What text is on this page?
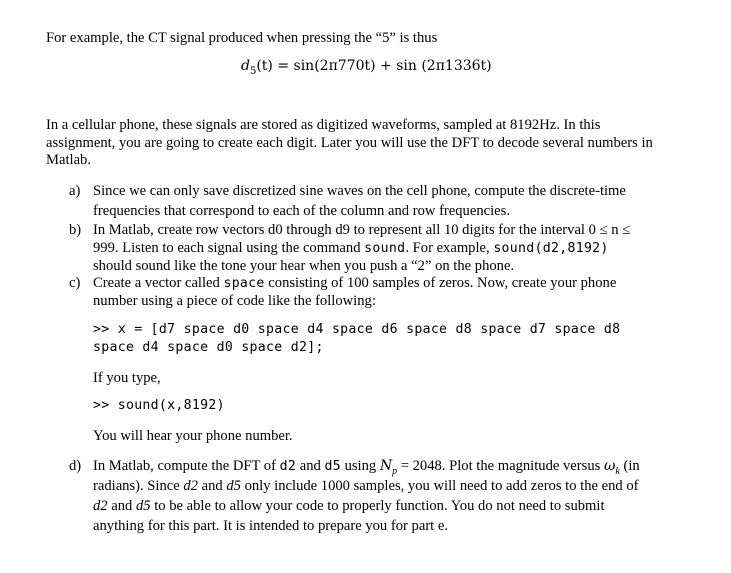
For example, the CT signal produced when pressing the “5” is thus
$d_5(t) = \sin(2\pi 770t) + \sin (2\pi 1336t)$
In a cellular phone, these signals are stored as digitized waveforms, sampled at 8192Hz. In this
assignment, you are going to create each digit. Later you will use the DFT to decode several numbers in
Matlab.
a) Since we can only save discretized sine waves on the cell phone, compute the discrete-time
frequencies that correspond to each of the column and row frequencies.
b) In Matlab, create row vectors d0 through d9 to represent all 10 digits for the interval 0 ≤ n ≤
999. Listen to each signal using the command sound. For example, sound(d2,8192)
should sound like the tone your hear when you push a “2” on the phone.
c) Create a vector called space consisting of 100 samples of zeros. Now, create your phone
number using a piece of code like the following:
>> x = [d7 space d0 space d4 space d6 space d8 space d7 space d8
space d4 space d0 space d2];
If you type,
>> sound(x,8192)
You will hear your phone number.
d) In Matlab, compute the DFT of d2 and d5 using $N_p = 2048$. Plot the magnitude versus $\omega_k$ (in
radians). Since d2 and d5 only include 1000 samples, you will need to add zeros to the end of
d2 and d5 to be able to allow your code to properly function. You do not need to submit
anything for this part. It is intended to prepare you for part e.
